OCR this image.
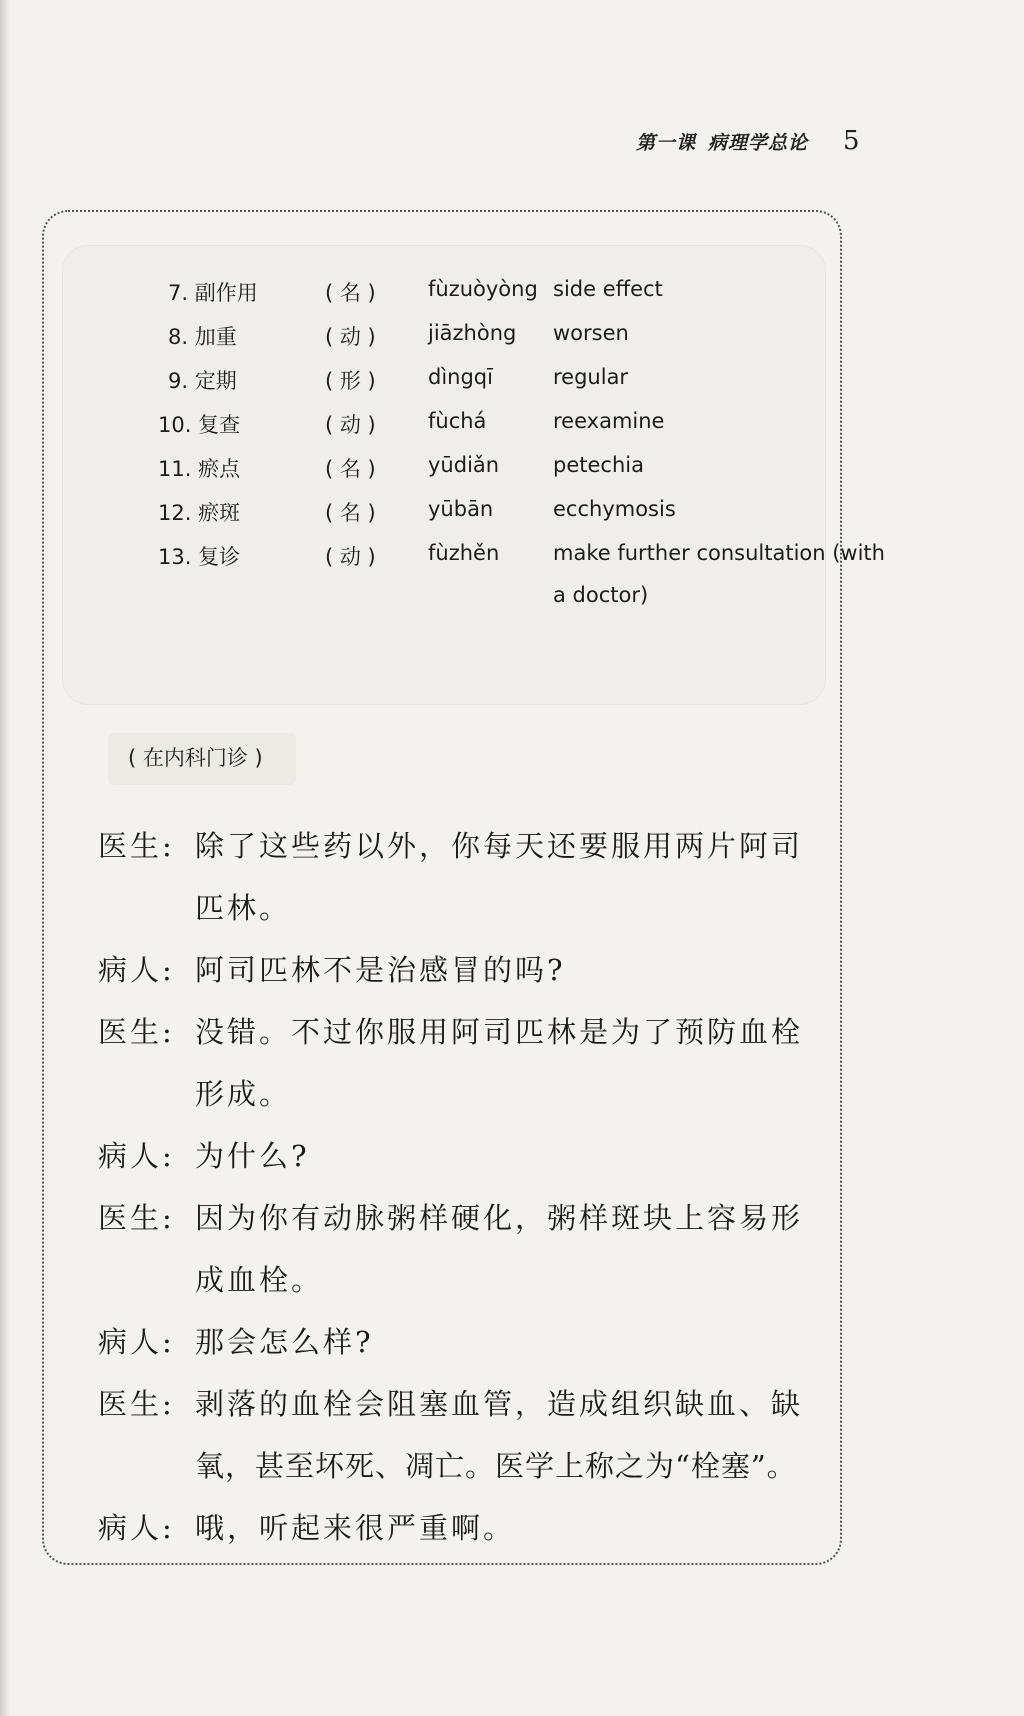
第一课 病理学总论 5
7. 副作用	( 名 ) fùzuòyòng side effect
8. 加重	( 动 ) jiāzhòng worsen
9. 定期	( 形 ) dìngqī	regular
10. 复查	( 动 ) fùchá	reexamine
11. 瘀点	( 名 ) yūdiǎn	petechia
12. 瘀斑	( 名 ) yūbān	ecchymosis
13. 复诊	( 动 ) fùzhěn	make further consultation (with
a doctor)
( 在内科门诊 )
医生: 除了这些药以外，你每天还要服用两片阿司
匹林。
病人: 阿司匹林不是治感冒的吗?
医生: 没错。不过你服用阿司匹林是为了预防血栓
形成。
病人: 为什么?
医生: 因为你有动脉粥样硬化，粥样斑块上容易形
成血栓。
病人: 那会怎么样?
医生: 剥落的血栓会阻塞血管，造成组织缺血、缺
氧，甚至坏死、凋亡。医学上称之为“栓塞”。
病人: 哦，听起来很严重啊。
